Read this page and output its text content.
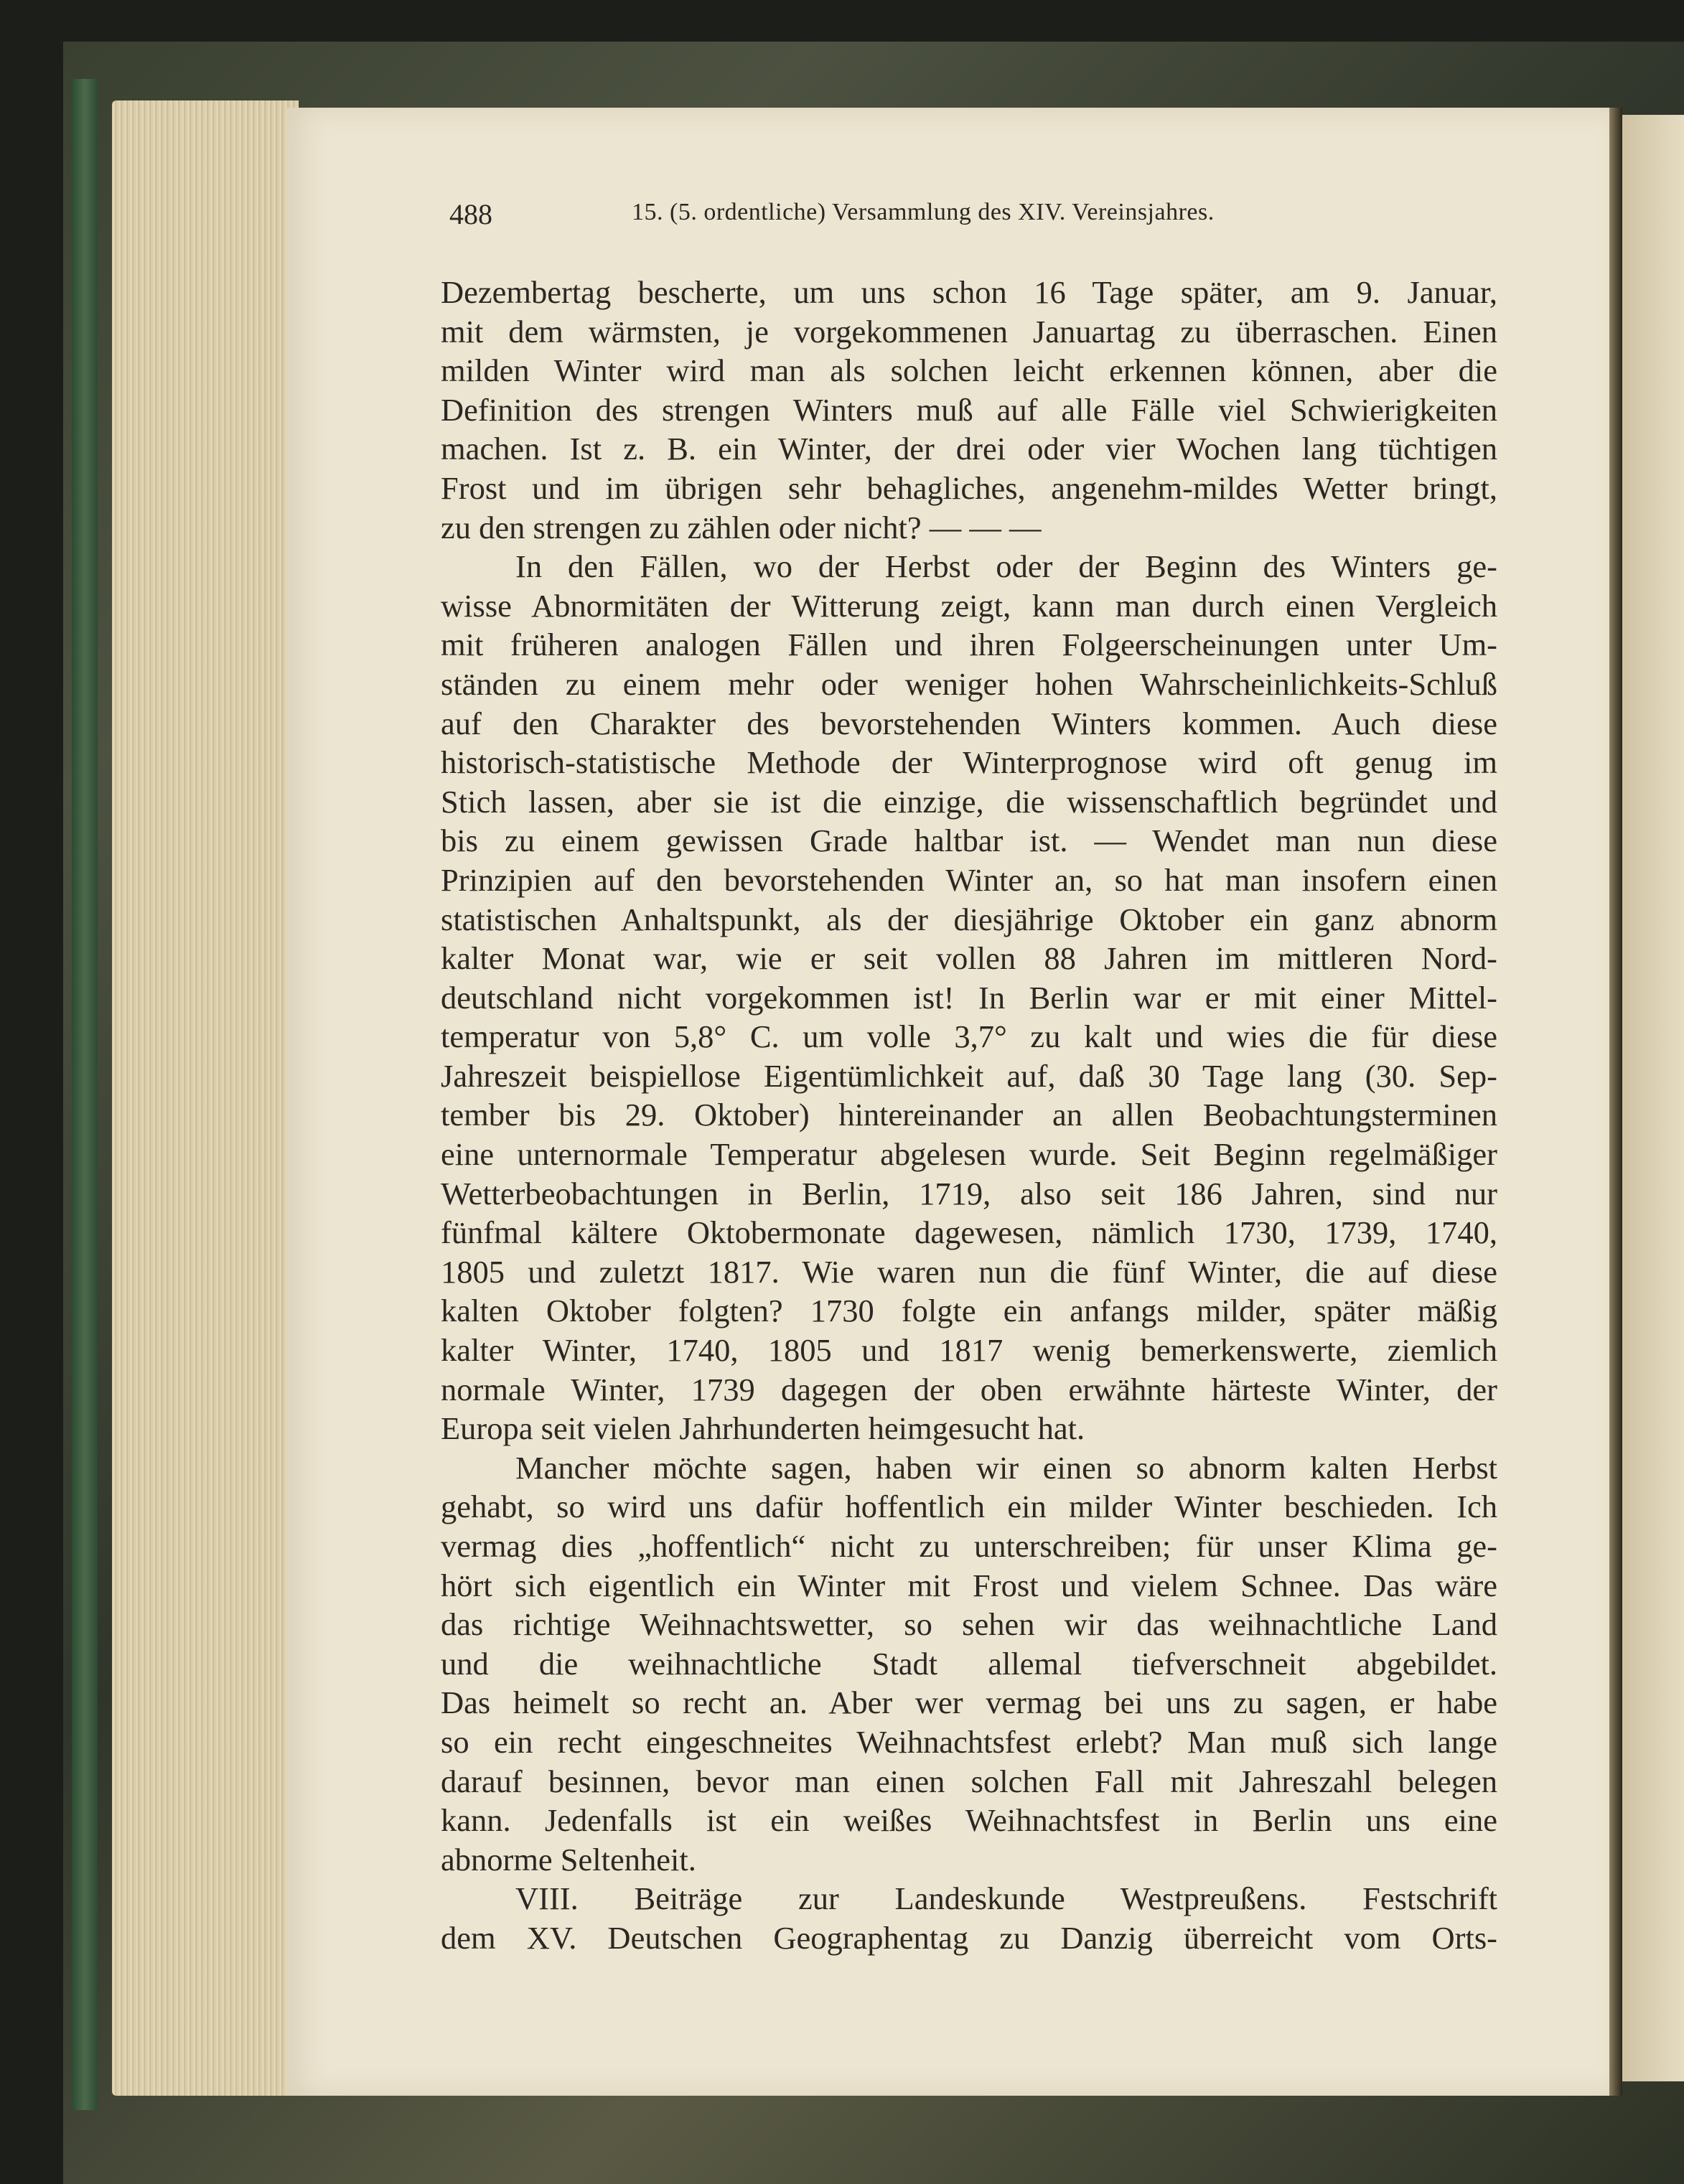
488	15. (5. ordentliche) Versammlung des XIV. Vereinsjahres.
Dezembertag bescherte, um uns schon 16 Tage später, am 9. Januar,
mit dem wärmsten, je vorgekommenen Januartag zu überraschen. Einen
milden Winter wird man als solchen leicht erkennen können, aber die
Definition des strengen Winters muß auf alle Fälle viel Schwierigkeiten
machen. Ist z. B. ein Winter, der drei oder vier Wochen lang tüchtigen
Frost und im übrigen sehr behagliches, angenehm-mildes Wetter bringt,
zu den strengen zu zählen oder nicht? — — —
In den Fällen, wo der Herbst oder der Beginn des Winters ge-
wisse Abnormitäten der Witterung zeigt, kann man durch einen Vergleich
mit früheren analogen Fällen und ihren Folgeerscheinungen unter Um-
ständen zu einem mehr oder weniger hohen Wahrscheinlichkeits-Schluß
auf den Charakter des bevorstehenden Winters kommen. Auch diese
historisch-statistische Methode der Winterprognose wird oft genug im
Stich lassen, aber sie ist die einzige, die wissenschaftlich begründet und
bis zu einem gewissen Grade haltbar ist. — Wendet man nun diese
Prinzipien auf den bevorstehenden Winter an, so hat man insofern einen
statistischen Anhaltspunkt, als der diesjährige Oktober ein ganz abnorm
kalter Monat war, wie er seit vollen 88 Jahren im mittleren Nord-
deutschland nicht vorgekommen ist! In Berlin war er mit einer Mittel-
temperatur von 5,8° C. um volle 3,7° zu kalt und wies die für diese
Jahreszeit beispiellose Eigentümlichkeit auf, daß 30 Tage lang (30. Sep-
tember bis 29. Oktober) hintereinander an allen Beobachtungsterminen
eine unternormale Temperatur abgelesen wurde. Seit Beginn regelmäßiger
Wetterbeobachtungen in Berlin, 1719, also seit 186 Jahren, sind nur
fünfmal kältere Oktobermonate dagewesen, nämlich 1730, 1739, 1740,
1805 und zuletzt 1817. Wie waren nun die fünf Winter, die auf diese
kalten Oktober folgten? 1730 folgte ein anfangs milder, später mäßig
kalter Winter, 1740, 1805 und 1817 wenig bemerkenswerte, ziemlich
normale Winter, 1739 dagegen der oben erwähnte härteste Winter, der
Europa seit vielen Jahrhunderten heimgesucht hat.
Mancher möchte sagen, haben wir einen so abnorm kalten Herbst
gehabt, so wird uns dafür hoffentlich ein milder Winter beschieden. Ich
vermag dies „hoffentlich“ nicht zu unterschreiben; für unser Klima ge-
hört sich eigentlich ein Winter mit Frost und vielem Schnee. Das wäre
das richtige Weihnachtswetter, so sehen wir das weihnachtliche Land
und die weihnachtliche Stadt allemal tiefverschneit abgebildet.
Das heimelt so recht an. Aber wer vermag bei uns zu sagen, er habe
so ein recht eingeschneites Weihnachtsfest erlebt? Man muß sich lange
darauf besinnen, bevor man einen solchen Fall mit Jahreszahl belegen
kann. Jedenfalls ist ein weißes Weihnachtsfest in Berlin uns eine
abnorme Seltenheit.
VIII. Beiträge zur Landeskunde Westpreußens. Festschrift
dem XV. Deutschen Geographentag zu Danzig überreicht vom Orts-
